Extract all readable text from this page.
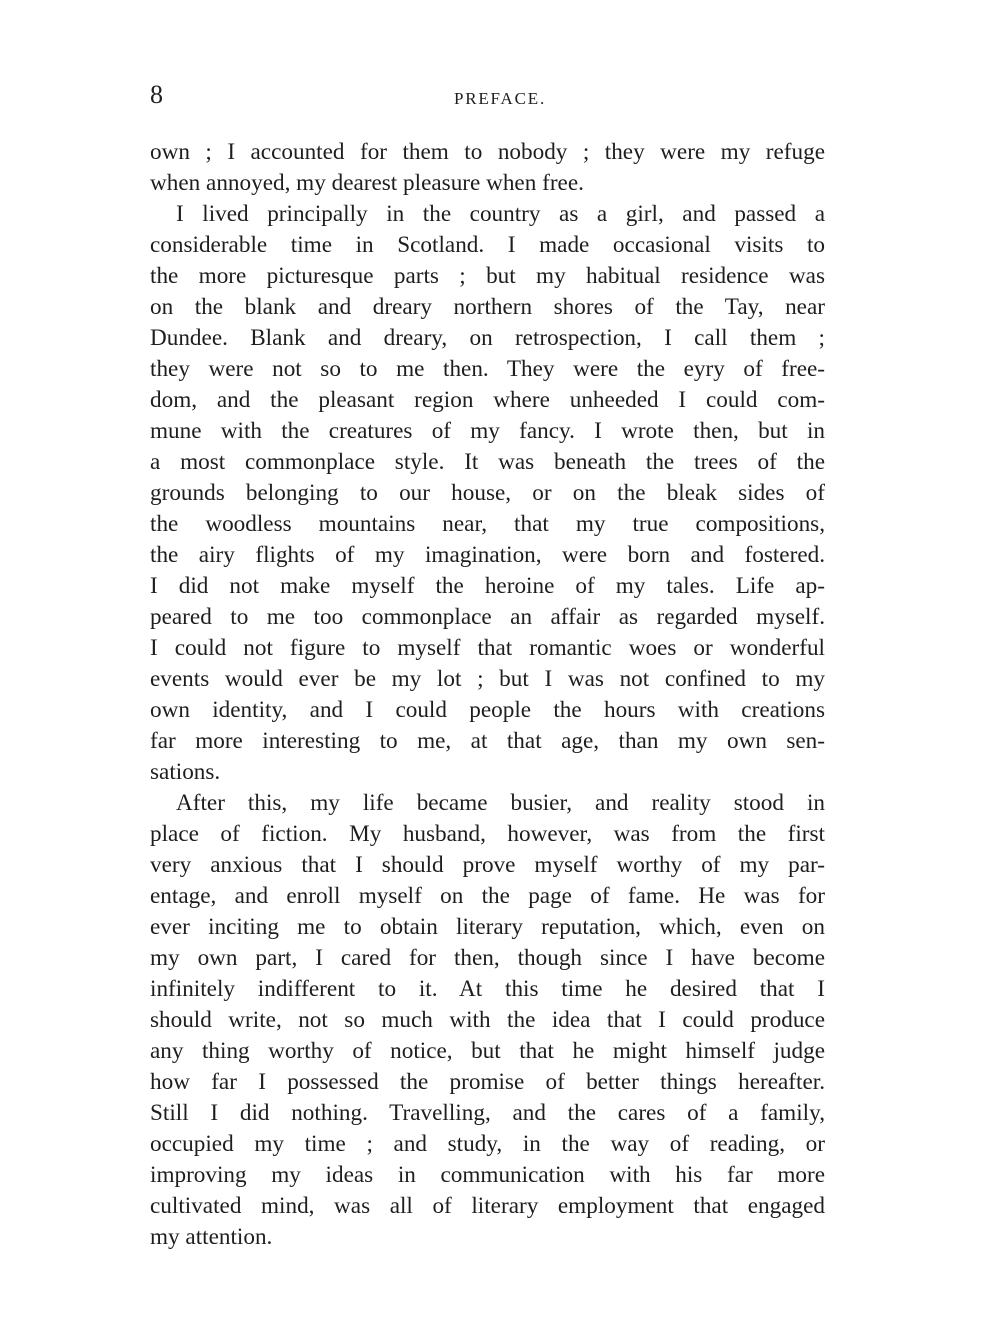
8	PREFACE.
own ; I accounted for them to nobody ; they were my refuge
when annoyed, my dearest pleasure when free.
I lived principally in the country as a girl, and passed a
considerable time in Scotland. I made occasional visits to
the more picturesque parts ; but my habitual residence was
on the blank and dreary northern shores of the Tay, near
Dundee. Blank and dreary, on retrospection, I call them ;
they were not so to me then. They were the eyry of free-
dom, and the pleasant region where unheeded I could com-
mune with the creatures of my fancy. I wrote then, but in
a most commonplace style. It was beneath the trees of the
grounds belonging to our house, or on the bleak sides of
the woodless mountains near, that my true compositions,
the airy flights of my imagination, were born and fostered.
I did not make myself the heroine of my tales. Life ap-
peared to me too commonplace an affair as regarded myself.
I could not figure to myself that romantic woes or wonderful
events would ever be my lot ; but I was not confined to my
own identity, and I could people the hours with creations
far more interesting to me, at that age, than my own sen-
sations.
After this, my life became busier, and reality stood in
place of fiction. My husband, however, was from the first
very anxious that I should prove myself worthy of my par-
entage, and enroll myself on the page of fame. He was for
ever inciting me to obtain literary reputation, which, even on
my own part, I cared for then, though since I have become
infinitely indifferent to it. At this time he desired that I
should write, not so much with the idea that I could produce
any thing worthy of notice, but that he might himself judge
how far I possessed the promise of better things hereafter.
Still I did nothing. Travelling, and the cares of a family,
occupied my time ; and study, in the way of reading, or
improving my ideas in communication with his far more
cultivated mind, was all of literary employment that engaged
my attention.
